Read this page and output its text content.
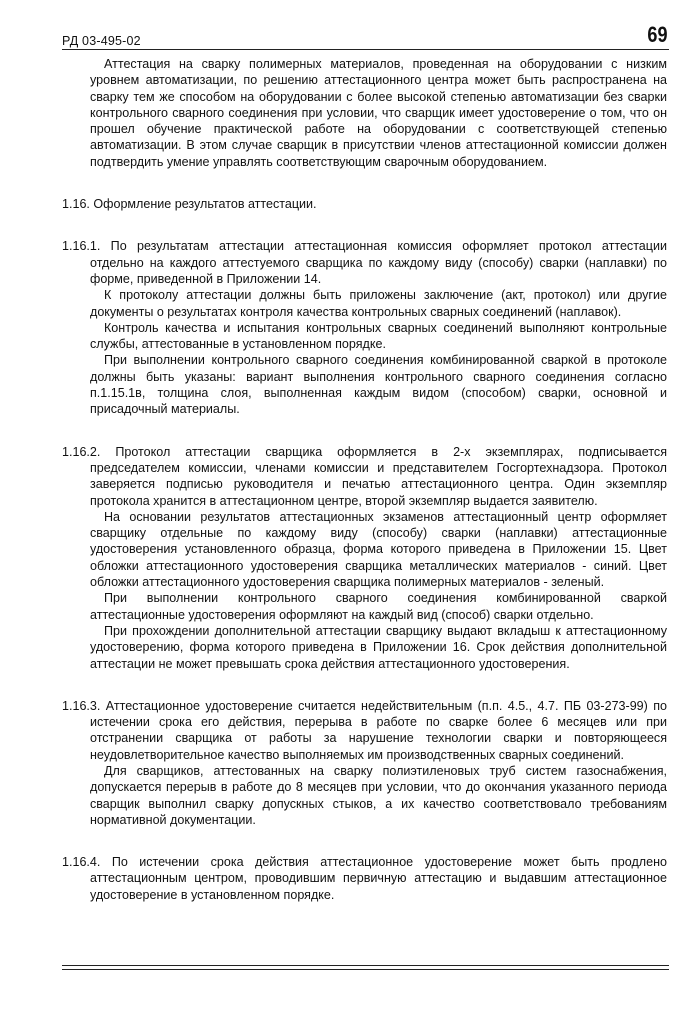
РД 03-495-02	69

Аттестация на сварку полимерных материалов, проведенная на оборудовании с низким уровнем автоматизации, по решению аттестационного центра может быть распространена на сварку тем же способом на оборудовании с более высокой степенью автоматизации без сварки контрольного сварного соединения при условии, что сварщик имеет удостоверение о том, что он прошел обучение практической работе на оборудовании с соответствующей степенью автоматизации. В этом случае сварщик в присутствии членов аттестационной комиссии должен подтвердить умение управлять соответствующим сварочным оборудованием.

1.16. Оформление результатов аттестации.

1.16.1. По результатам аттестации аттестационная комиссия оформляет протокол аттестации отдельно на каждого аттестуемого сварщика по каждому виду (способу) сварки (наплавки) по форме, приведенной в Приложении 14.

К протоколу аттестации должны быть приложены заключение (акт, протокол) или другие документы о результатах контроля качества контрольных сварных соединений (наплавок).

Контроль качества и испытания контрольных сварных соединений выполняют контрольные службы, аттестованные в установленном порядке.

При выполнении контрольного сварного соединения комбинированной сваркой в протоколе должны быть указаны: вариант выполнения контрольного сварного соединения согласно п.1.15.1в, толщина слоя, выполненная каждым видом (способом) сварки, основной и присадочный материалы.

1.16.2. Протокол аттестации сварщика оформляется в 2-х экземплярах, подписывается председателем комиссии, членами комиссии и представителем Госгортехнадзора. Протокол заверяется подписью руководителя и печатью аттестационного центра. Один экземпляр протокола хранится в аттестационном центре, второй экземпляр выдается заявителю.

На основании результатов аттестационных экзаменов аттестационный центр оформляет сварщику отдельные по каждому виду (способу) сварки (наплавки) аттестационные удостоверения установленного образца, форма которого приведена в Приложении 15. Цвет обложки аттестационного удостоверения сварщика металлических материалов - синий. Цвет обложки аттестационного удостоверения сварщика полимерных материалов - зеленый.

При выполнении контрольного сварного соединения комбинированной сваркой аттестационные удостоверения оформляют на каждый вид (способ) сварки отдельно.

При прохождении дополнительной аттестации сварщику выдают вкладыш к аттестационному удостоверению, форма которого приведена в Приложении 16. Срок действия дополнительной аттестации не может превышать срока действия аттестационного удостоверения.

1.16.3. Аттестационное удостоверение считается недействительным (п.п. 4.5., 4.7. ПБ 03-273-99) по истечении срока его действия, перерыва в работе по сварке более 6 месяцев или при отстранении сварщика от работы за нарушение технологии сварки и повторяющееся неудовлетворительное качество выполняемых им производственных сварных соединений.

Для сварщиков, аттестованных на сварку полиэтиленовых труб систем газоснабжения, допускается перерыв в работе до 8 месяцев при условии, что до окончания указанного периода сварщик выполнил сварку допускных стыков, а их качество соответствовало требованиям нормативной документации.

1.16.4. По истечении срока действия аттестационное удостоверение может быть продлено аттестационным центром, проводившим первичную аттестацию и выдавшим аттестационное удостоверение в установленном порядке.
